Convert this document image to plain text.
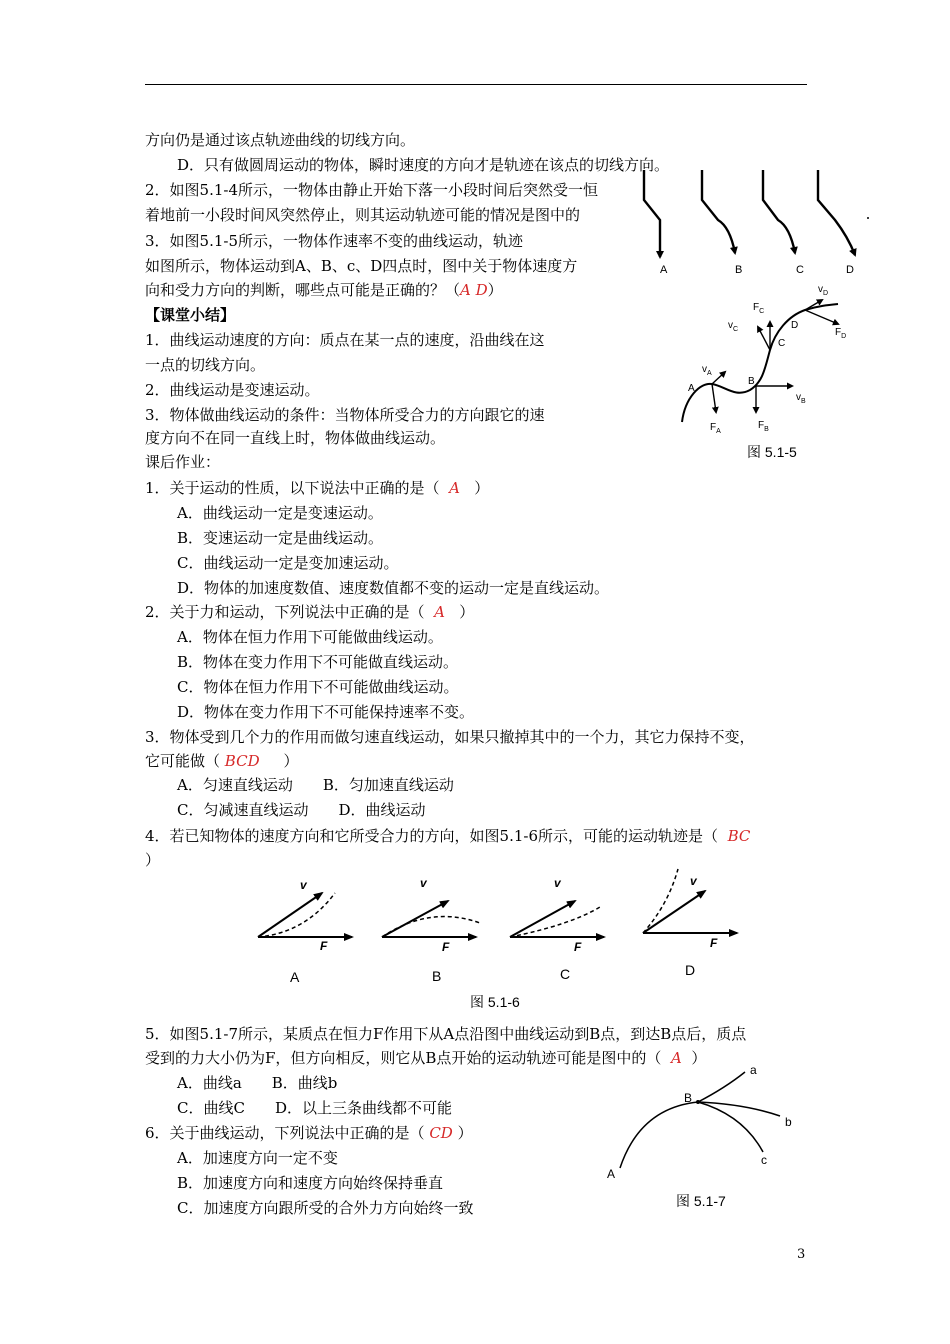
方向仍是通过该点轨迹曲线的切线方向。
D．只有做圆周运动的物体，瞬时速度的方向才是轨迹在该点的切线方向。
2．如图5.1-4所示，一物体由静止开始下落一小段时间后突然受一恒
着地前一小段时间风突然停止，则其运动轨迹可能的情况是图中的
3．如图5.1-5所示，一物体作速率不变的曲线运动，轨迹
如图所示，物体运动到A、B、c、D四点时，图中关于物体速度方
向和受力方向的判断，哪些点可能是正确的？（A D）
【课堂小结】
1．曲线运动速度的方向：质点在某一点的速度，沿曲线在这
一点的切线方向。
2．曲线运动是变速运动。
3．物体做曲线运动的条件：当物体所受合力的方向跟它的速
度方向不在同一直线上时，物体做曲线运动。
课后作业：
1．关于运动的性质，以下说法中正确的是（ A ）
A．曲线运动一定是变速运动。
B．变速运动一定是曲线运动。
C．曲线运动一定是变加速运动。
D．物体的加速度数值、速度数值都不变的运动一定是直线运动。
2．关于力和运动，下列说法中正确的是（ A ）
A．物体在恒力作用下可能做曲线运动。
B．物体在变力作用下不可能做直线运动。
C．物体在恒力作用下不可能做曲线运动。
D．物体在变力作用下不可能保持速率不变。
3．物体受到几个力的作用而做匀速直线运动，如果只撤掉其中的一个力，其它力保持不变，
它可能做（ BCD ）
A．匀速直线运动　　B．匀加速直线运动
C．匀减速直线运动　　D．曲线运动
4．若已知物体的速度方向和它所受合力的方向，如图5.1-6所示，可能的运动轨迹是（ BC
）
5．如图5.1-7所示，某质点在恒力F作用下从A点沿图中曲线运动到B点，到达B点后，质点
受到的力大小仍为F，但方向相反，则它从B点开始的运动轨迹可能是图中的（ A ）
A．曲线a　　B．曲线b
C．曲线C　　D．以上三条曲线都不可能
6．关于曲线运动，下列说法中正确的是（ CD ）
A．加速度方向一定不变
B．加速度方向和速度方向始终保持垂直
C．加速度方向跟所受的合外力方向始终一致
A	B	C	D
$F_C$
$v_D$
D
$F_D$
$v_C$
C
$v_A$
B
A
$v_B$
$F_A$
$F_B$
图 5.1-5
v
F
A
v
F
B
v
F
C
v
F
D
图 5.1-6
A
B
a
b
c
图 5.1-7
3
